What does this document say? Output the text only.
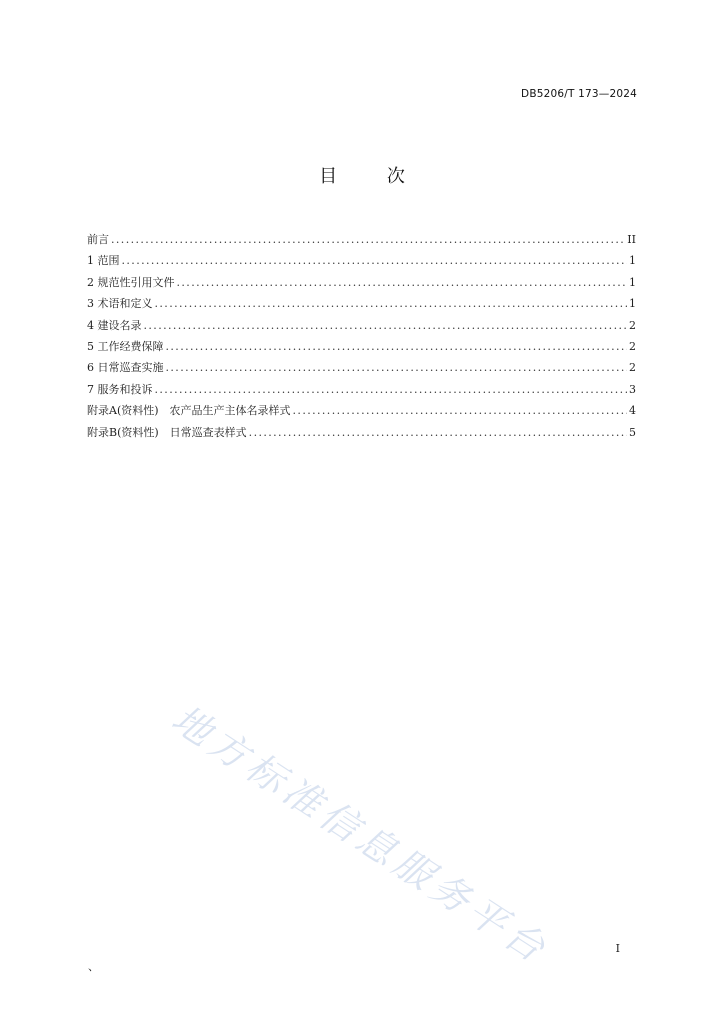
DB5206/T 173—2024
目 次
前言 .....	II
1 范围 .....	1
2 规范性引用文件 .....	1
3 术语和定义 .....	1
4 建设名录 .....	2
5 工作经费保障 .....	2
6 日常巡查实施 .....	2
7 服务和投诉 .....	3
附录A(资料性)　农产品生产主体名录样式 .....	4
附录B(资料性)　日常巡查表样式 .....	5
地方标准信息服务平台	I
、
